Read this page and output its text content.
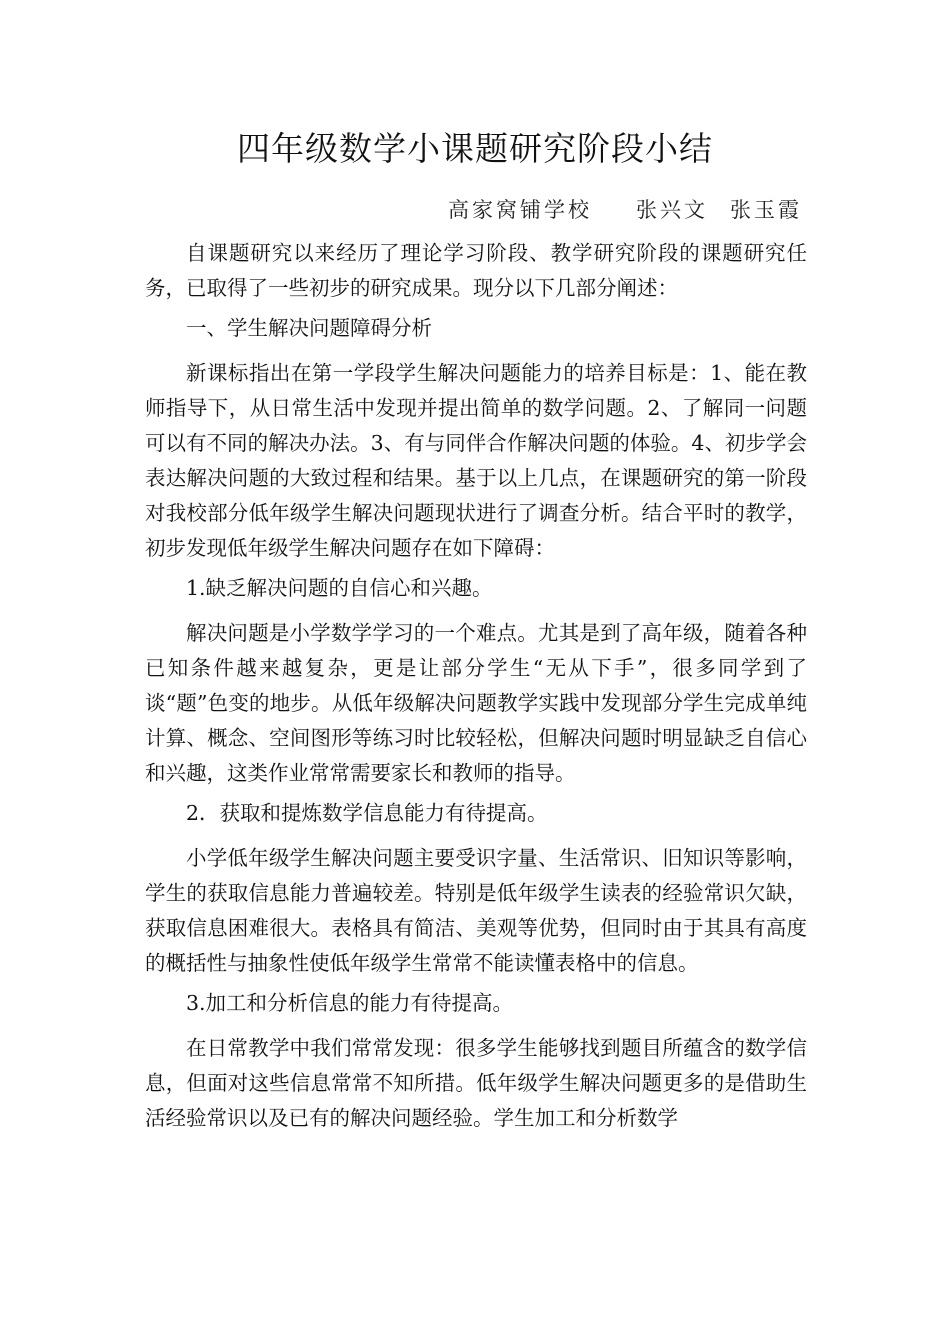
四年级数学小课题研究阶段小结
高家窝铺学校 张兴文 张玉霞

自课题研究以来经历了理论学习阶段、教学研究阶段的课题研究任务，已取得了一些初步的研究成果。现分以下几部分阐述：

一、学生解决问题障碍分析

新课标指出在第一学段学生解决问题能力的培养目标是：1、能在教师指导下，从日常生活中发现并提出简单的数学问题。2、了解同一问题可以有不同的解决办法。3、有与同伴合作解决问题的体验。4、初步学会表达解决问题的大致过程和结果。基于以上几点，在课题研究的第一阶段对我校部分低年级学生解决问题现状进行了调查分析。结合平时的教学，初步发现低年级学生解决问题存在如下障碍：

1.缺乏解决问题的自信心和兴趣。

解决问题是小学数学学习的一个难点。尤其是到了高年级，随着各种已知条件越来越复杂，更是让部分学生“无从下手”，很多同学到了谈“题”色变的地步。从低年级解决问题教学实践中发现部分学生完成单纯计算、概念、空间图形等练习时比较轻松，但解决问题时明显缺乏自信心和兴趣，这类作业常常需要家长和教师的指导。

2．获取和提炼数学信息能力有待提高。

小学低年级学生解决问题主要受识字量、生活常识、旧知识等影响，学生的获取信息能力普遍较差。特别是低年级学生读表的经验常识欠缺，获取信息困难很大。表格具有简洁、美观等优势，但同时由于其具有高度的概括性与抽象性使低年级学生常常不能读懂表格中的信息。

3.加工和分析信息的能力有待提高。

在日常教学中我们常常发现：很多学生能够找到题目所蕴含的数学信息，但面对这些信息常常不知所措。低年级学生解决问题更多的是借助生活经验常识以及已有的解决问题经验。学生加工和分析数学
